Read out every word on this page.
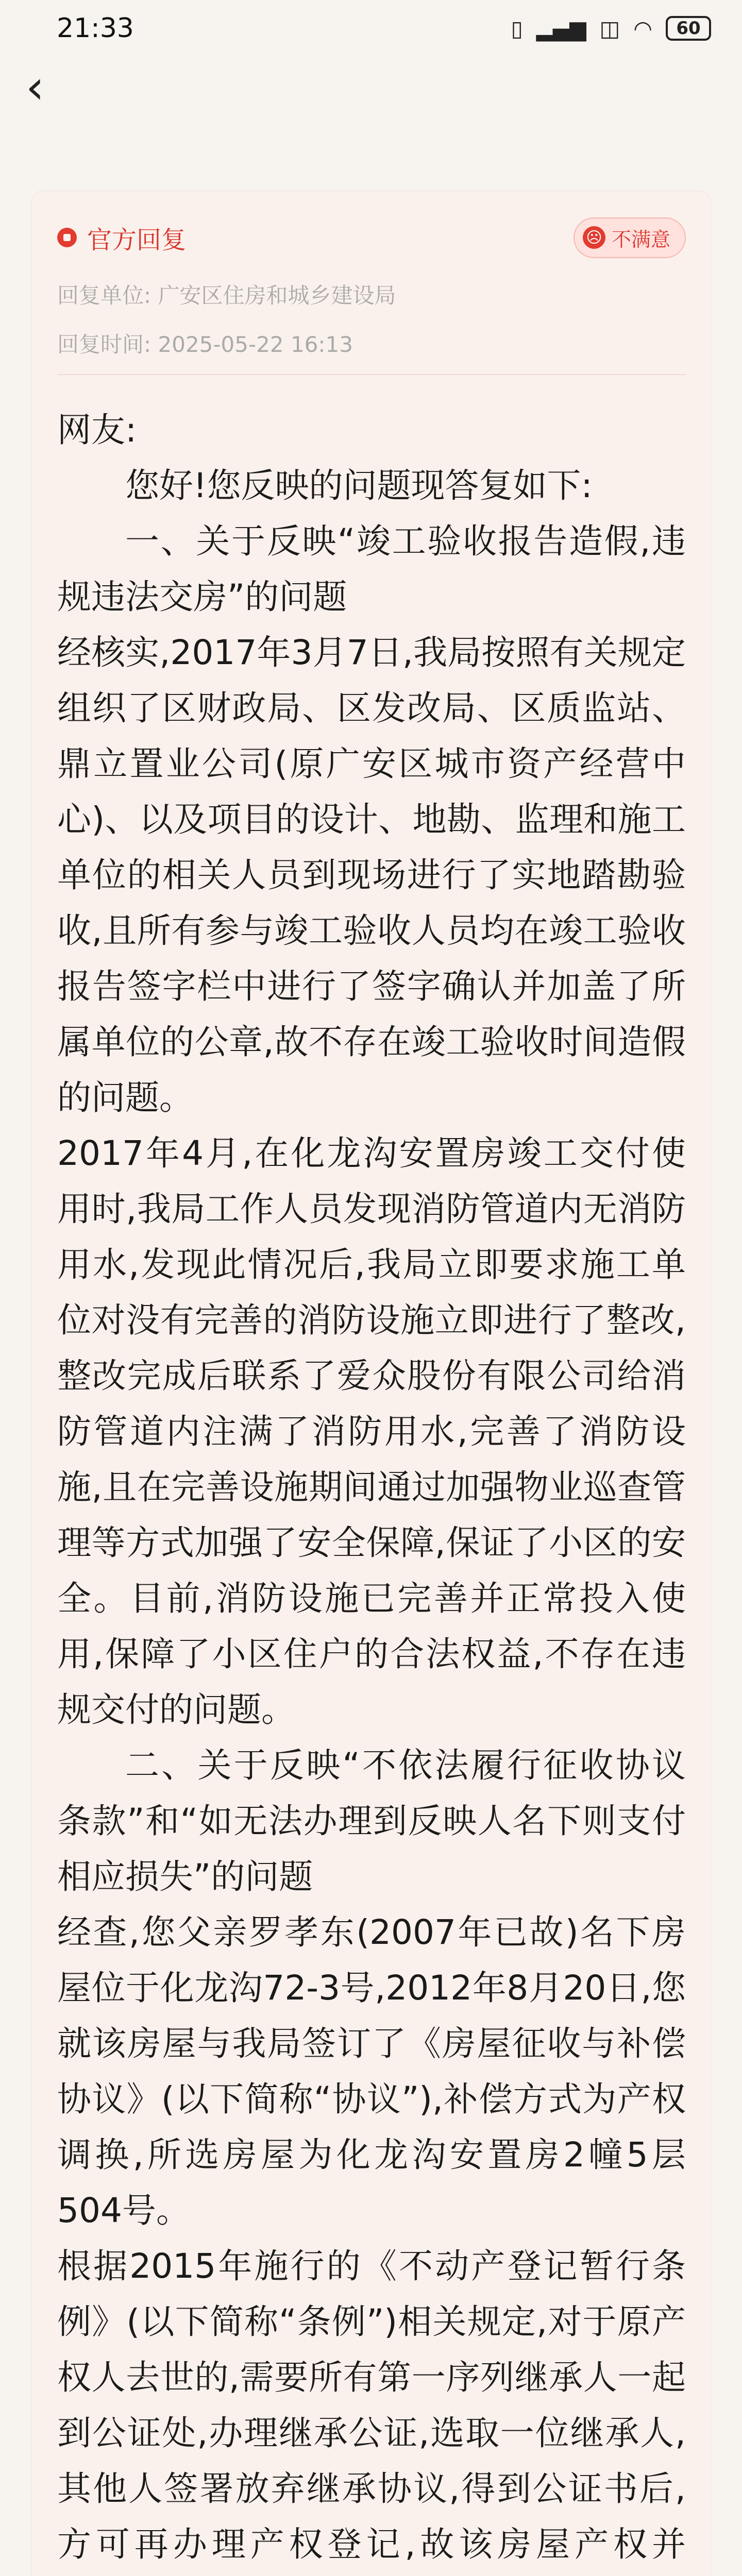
21:33	▯ ▂▄▆ ◫ ◠ 60
‹
官方回复	☹ 不满意
回复单位: 广安区住房和城乡建设局
回复时间: 2025-05-22 16:13

网友:

您好!您反映的问题现答复如下:

一、关于反映“竣工验收报告造假,违规违法交房”的问题

经核实,2017年3月7日,我局按照有关规定组织了区财政局、区发改局、区质监站、鼎立置业公司(原广安区城市资产经营中心)、以及项目的设计、地勘、监理和施工单位的相关人员到现场进行了实地踏勘验收,且所有参与竣工验收人员均在竣工验收报告签字栏中进行了签字确认并加盖了所属单位的公章,故不存在竣工验收时间造假的问题。

2017年4月,在化龙沟安置房竣工交付使用时,我局工作人员发现消防管道内无消防用水,发现此情况后,我局立即要求施工单位对没有完善的消防设施立即进行了整改,整改完成后联系了爱众股份有限公司给消防管道内注满了消防用水,完善了消防设施,且在完善设施期间通过加强物业巡查管理等方式加强了安全保障,保证了小区的安全。目前,消防设施已完善并正常投入使用,保障了小区住户的合法权益,不存在违规交付的问题。

二、关于反映“不依法履行征收协议条款”和“如无法办理到反映人名下则支付相应损失”的问题

经查,您父亲罗孝东(2007年已故)名下房屋位于化龙沟72-3号,2012年8月20日,您就该房屋与我局签订了《房屋征收与补偿协议》(以下简称“协议”),补偿方式为产权调换,所选房屋为化龙沟安置房2幢5层504号。

根据2015年施行的《不动产登记暂行条例》(以下简称“条例”)相关规定,对于原产权人去世的,需要所有第一序列继承人一起到公证处,办理继承公证,选取一位继承人,其他人签署放弃继承协议,得到公证书后,方可再办理产权登记,故该房屋产权并
